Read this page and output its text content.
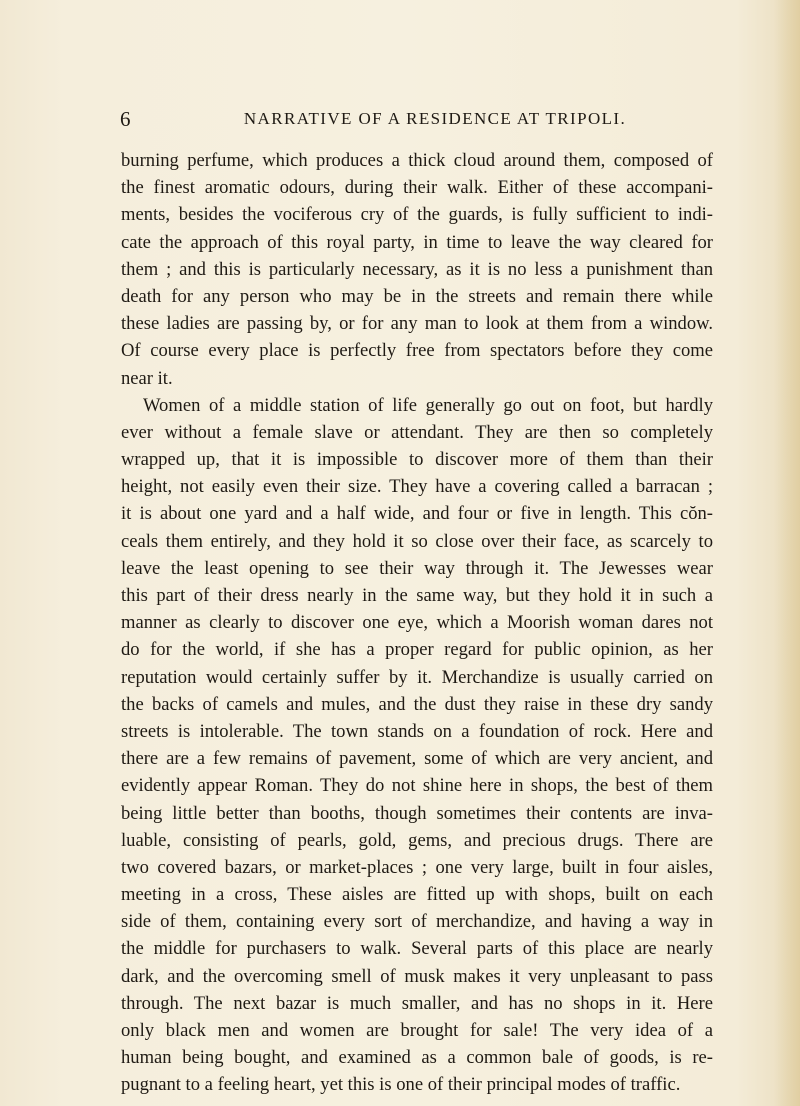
6	NARRATIVE OF A RESIDENCE AT TRIPOLI.
burning perfume, which produces a thick cloud around them, composed of
the finest aromatic odours, during their walk. Either of these accompani-
ments, besides the vociferous cry of the guards, is fully sufficient to indi-
cate the approach of this royal party, in time to leave the way cleared for
them ; and this is particularly necessary, as it is no less a punishment than
death for any person who may be in the streets and remain there while
these ladies are passing by, or for any man to look at them from a window.
Of course every place is perfectly free from spectators before they come
near it.
Women of a middle station of life generally go out on foot, but hardly
ever without a female slave or attendant. They are then so completely
wrapped up, that it is impossible to discover more of them than their
height, not easily even their size. They have a covering called a barracan ;
it is about one yard and a half wide, and four or five in length. This cŏn-
ceals them entirely, and they hold it so close over their face, as scarcely to
leave the least opening to see their way through it. The Jewesses wear
this part of their dress nearly in the same way, but they hold it in such a
manner as clearly to discover one eye, which a Moorish woman dares not
do for the world, if she has a proper regard for public opinion, as her
reputation would certainly suffer by it. Merchandize is usually carried on
the backs of camels and mules, and the dust they raise in these dry sandy
streets is intolerable. The town stands on a foundation of rock. Here and
there are a few remains of pavement, some of which are very ancient, and
evidently appear Roman. They do not shine here in shops, the best of them
being little better than booths, though sometimes their contents are inva-
luable, consisting of pearls, gold, gems, and precious drugs. There are
two covered bazars, or market-places ; one very large, built in four aisles,
meeting in a cross, These aisles are fitted up with shops, built on each
side of them, containing every sort of merchandize, and having a way in
the middle for purchasers to walk. Several parts of this place are nearly
dark, and the overcoming smell of musk makes it very unpleasant to pass
through. The next bazar is much smaller, and has no shops in it. Here
only black men and women are brought for sale! The very idea of a
human being bought, and examined as a common bale of goods, is re-
pugnant to a feeling heart, yet this is one of their principal modes of traffic.
